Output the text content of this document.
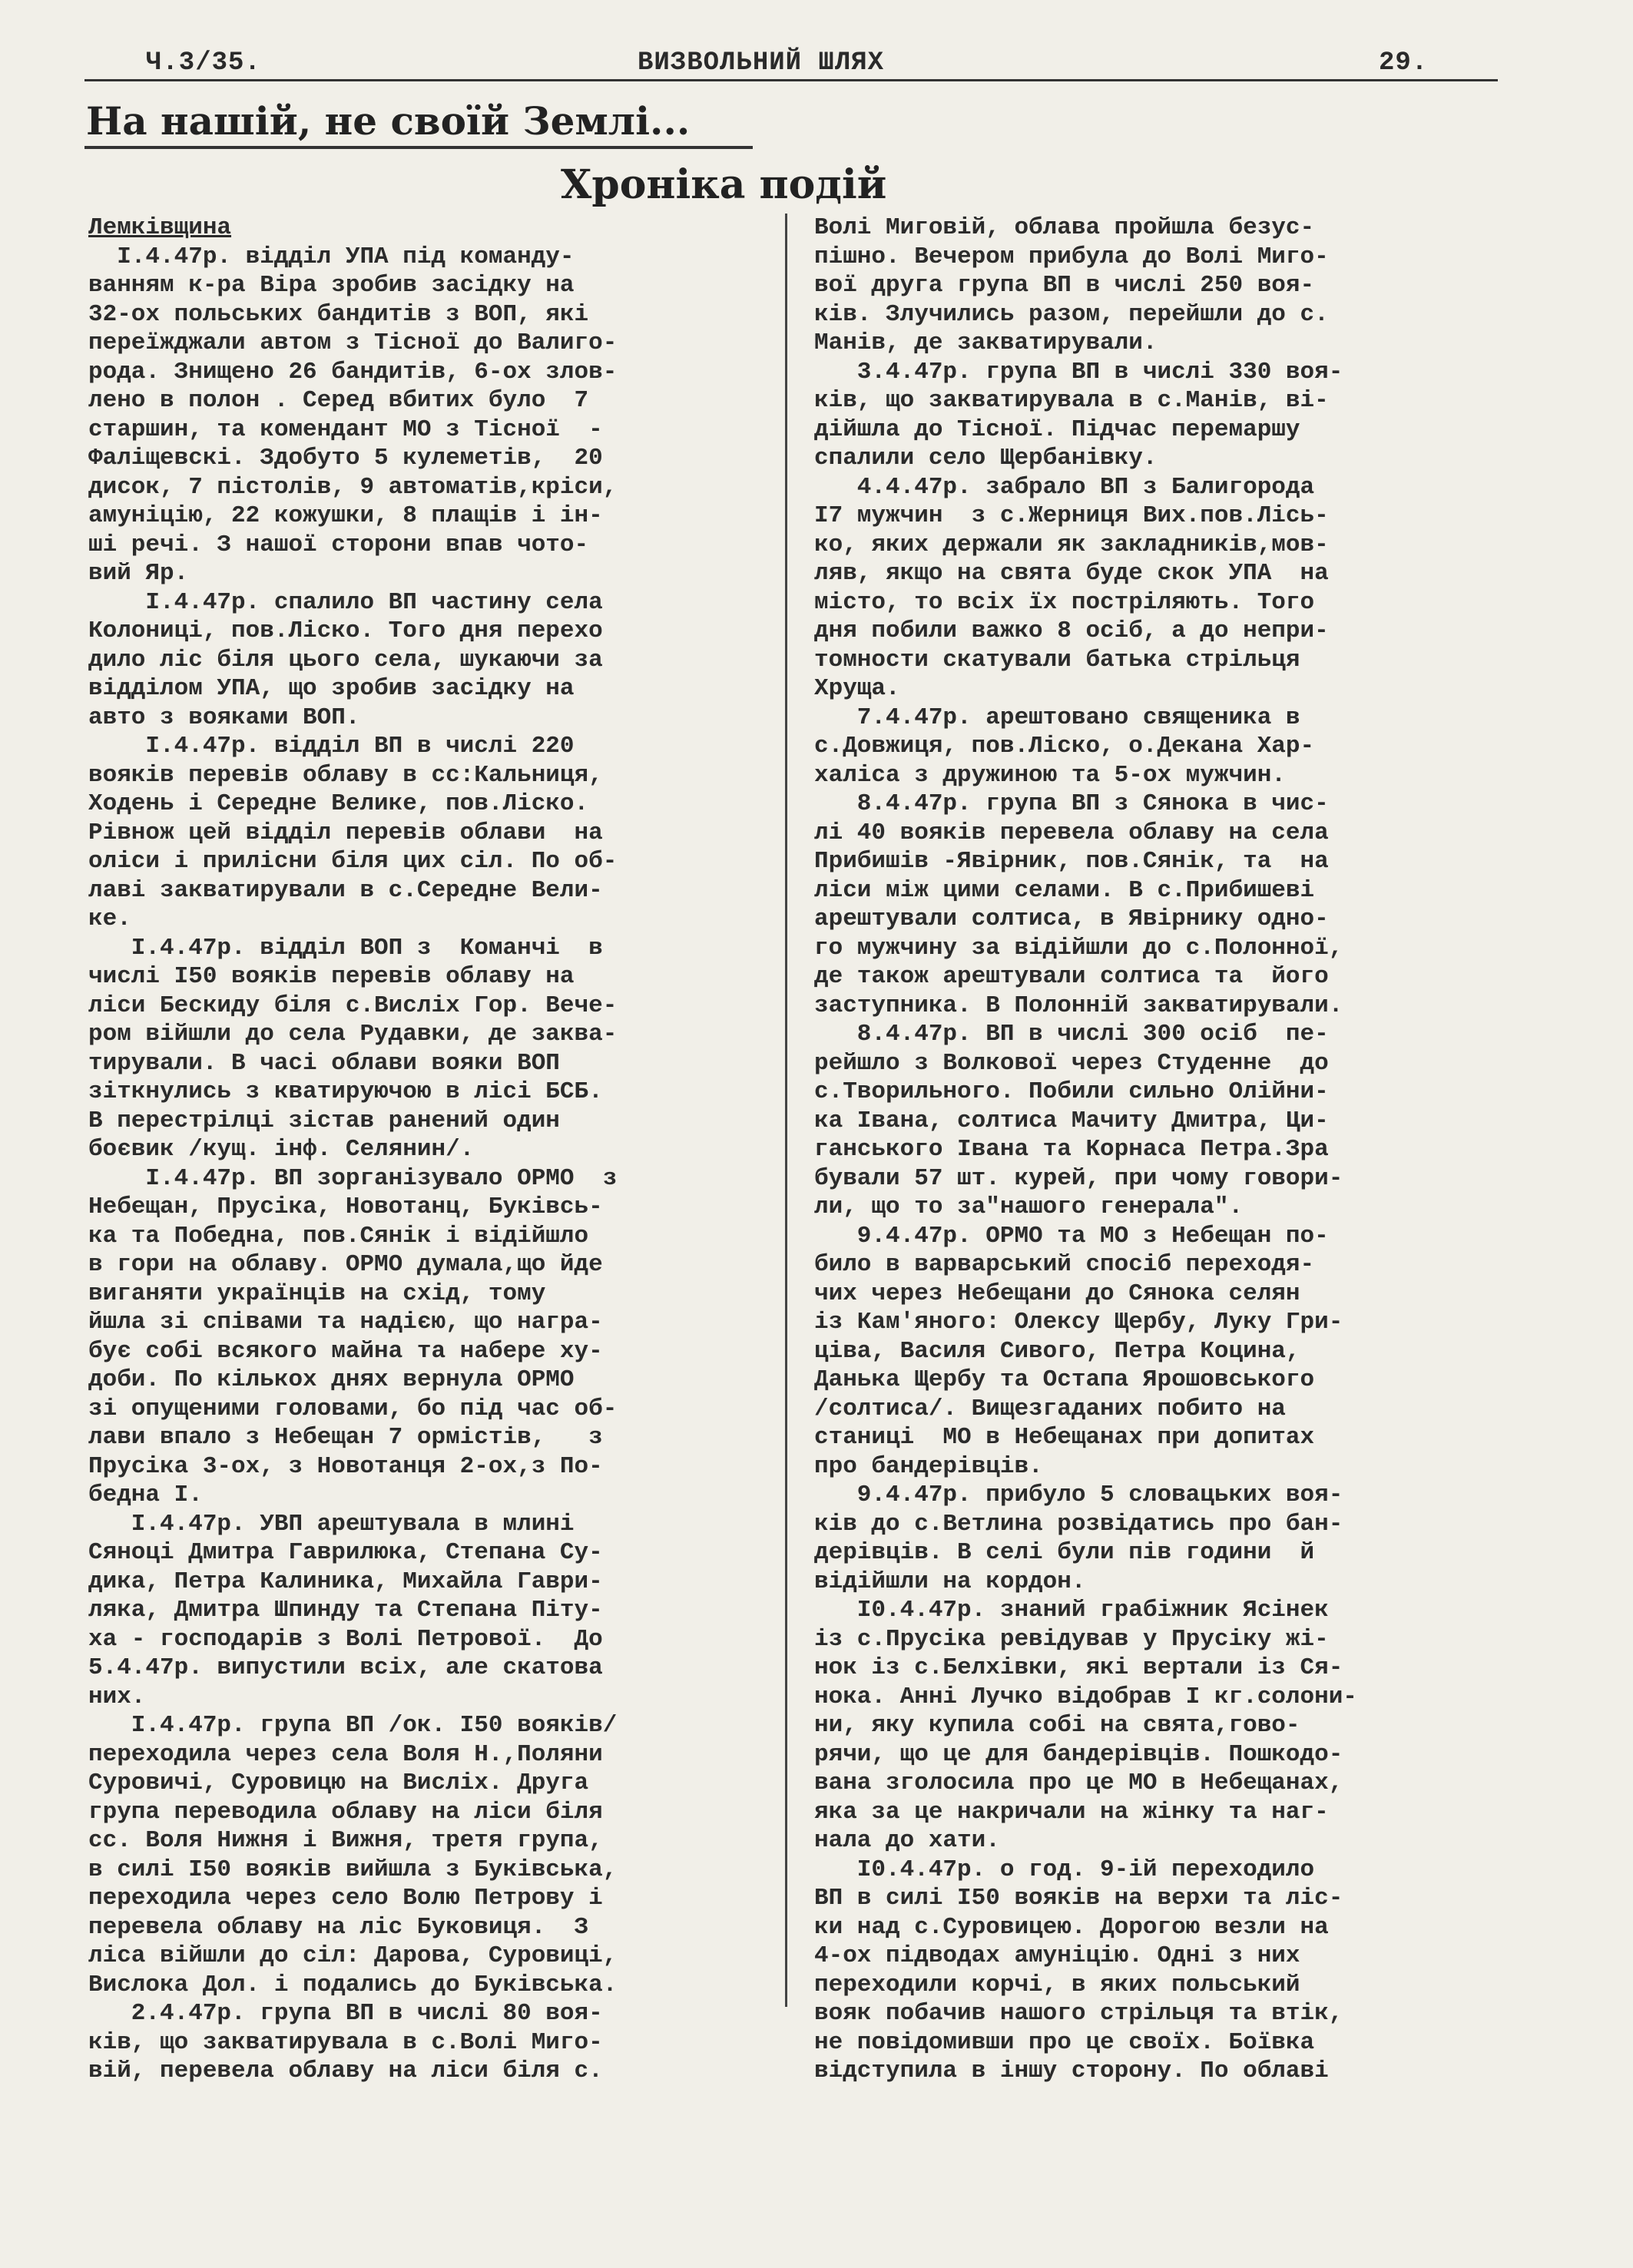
Ч.3/35.	ВИЗВОЛЬНИЙ ШЛЯХ	29.
На нашій, не своїй Землі...
Хроніка подій

Лемківщина

І.4.47р. відділ УПА під команду-
ванням к-ра Віра зробив засідку на
32-ох польських бандитів з ВОП, які
переїжджали автом з Тісної до Валиго-
рода. Знищено 26 бандитів, 6-ох злов-
лено в полон . Серед вбитих було  7
старшин, та комендант МО з Тісної  -
Фаліщевскі. Здобуто 5 кулеметів,  20
дисок, 7 пістолів, 9 автоматів,кріси,
амуніцію, 22 кожушки, 8 плащів і ін-
ші речі. З нашої сторони впав чото-
вий Яр.
І.4.47р. спалило ВП частину села
Колониці, пов.Ліско. Того дня перехо
дило ліс біля цього села, шукаючи за
відділом УПА, що зробив засідку на
авто з вояками ВОП.
І.4.47р. відділ ВП в числі 220
вояків перевів облаву в сс:Кальниця,
Ходень і Середне Велике, пов.Ліско.
Рівнож цей відділ перевів облави  на
оліси і прилісни біля цих сіл. По об-
лаві закватирували в с.Середне Вели-
ке.
І.4.47р. відділ ВОП з  Команчі  в
числі І50 вояків перевів облаву на
ліси Бескиду біля с.Висліх Гор. Вече-
ром війшли до села Рудавки, де заква-
тирували. В часі облави вояки ВОП
зіткнулись з кватируючою в лісі БСБ.
В перестрілці зістав ранений один
боєвик /кущ. інф. Селянин/.
І.4.47р. ВП зорганізувало ОРМО  з
Небещан, Прусіка, Новотанц, Буківсь-
ка та Победна, пов.Сянік і відійшло
в гори на облаву. ОРМО думала,що йде
виганяти українців на схід, тому
йшла зі співами та надією, що награ-
бує собі всякого майна та набере ху-
доби. По кількох днях вернула ОРМО
зі опущеними головами, бо під час об-
лави впало з Небещан 7 ормістів,   з
Прусіка 3-ох, з Новотанця 2-ох,з По-
бедна І.
І.4.47р. УВП арештувала в млині
Сяноці Дмитра Гаврилюка, Степана Су-
дика, Петра Калиника, Михайла Гаври-
ляка, Дмитра Шпинду та Степана Піту-
ха - господарів з Волі Петрової.  До
5.4.47р. випустили всіх, але скатова
них.
І.4.47р. група ВП /ок. І50 вояків/
переходила через села Воля Н.,Поляни
Суровичі, Суровицю на Висліх. Друга
група переводила облаву на ліси біля
сс. Воля Нижня і Вижня, третя група,
в силі І50 вояків вийшла з Буківська,
переходила через село Волю Петрову і
перевела облаву на ліс Буковиця.  З
ліса війшли до сіл: Дарова, Суровиці,
Вислока Дол. і подались до Буківська.
2.4.47р. група ВП в числі 80 воя-
ків, що закватирувала в с.Волі Мигo-
вій, перевела облаву на ліси біля с.

Волі Миговій, облава пройшла безус-
пішно. Вечером прибула до Волі Мигo-
вої друга група ВП в числі 250 воя-
ків. Злучились разом, перейшли до с.
Манів, де закватирували.
3.4.47р. група ВП в числі 330 воя-
ків, що закватирувала в с.Манів, ві-
дійшла до Тісної. Підчас перемаршу
спалили село Щербанівку.
4.4.47р. забрало ВП з Балигорода
І7 мужчин  з с.Жерниця Вих.пов.Лісь-
ко, яких держали як закладників,мов-
ляв, якщо на свята буде скок УПА  на
місто, то всіх їх постріляють. Того
дня побили важко 8 осіб, а до непри-
томности скатували батька стрільця
Хруща.
7.4.47р. арештовано священика в
с.Довжиця, пов.Ліско, о.Декана Хар-
халіса з дружиною та 5-ох мужчин.
8.4.47р. група ВП з Сянока в чис-
лі 40 вояків перевела облаву на села
Прибишів -Явірник, пов.Сянік, та  на
ліси між цими селами. В с.Прибишеві
арештували солтиса, в Явірнику одно-
го мужчину за відійшли до с.Полонної,
де також арештували солтиса та  його
заступника. В Полонній закватирували.
8.4.47р. ВП в числі 300 осіб  пе-
рейшло з Волкової через Студенне  до
с.Творильного. Побили сильно Олійни-
ка Івана, солтиса Мачиту Дмитра, Ци-
ганського Івана та Корнаса Петра.Зра
бували 57 шт. курей, при чому говори-
ли, що то за"нашого генерала".
9.4.47р. ОРМО та МО з Небещан по-
било в варварський спосіб переходя-
чих через Небещани до Сянока селян
із Кам'яного: Олексу Щербу, Луку Гри-
ціва, Василя Сивого, Петра Коцина,
Данька Щербу та Остапа Ярошовського
/солтиса/. Вищезгаданих побито на
станиці  МО в Небещанах при допитах
про бандерівців.
9.4.47р. прибуло 5 словацьких воя-
ків до с.Ветлина розвідатись про бан-
дерівців. В селі були пів години  й
відійшли на кордон.
І0.4.47р. знаний грабіжник Ясінек
із с.Прусіка ревідував у Прусіку жі-
нок із с.Белхівки, які вертали із Ся-
нока. Анні Лучко відобрав І кг.солони-
ни, яку купила собі на свята,гово-
рячи, що це для бандерівців. Пошкодо-
вана зголосила про це МО в Небещанах,
яка за це накричали на жінку та наг-
нала до хати.
І0.4.47р. о год. 9-ій переходило
ВП в силі І50 вояків на верхи та ліс-
ки над с.Суровицею. Дорогою везли на
4-ох підводах амуніцію. Одні з них
переходили корчі, в яких польський
вояк побачив нашого стрільця та втік,
не повідомивши про це своїх. Боївка
відступила в іншу сторону. По облаві
